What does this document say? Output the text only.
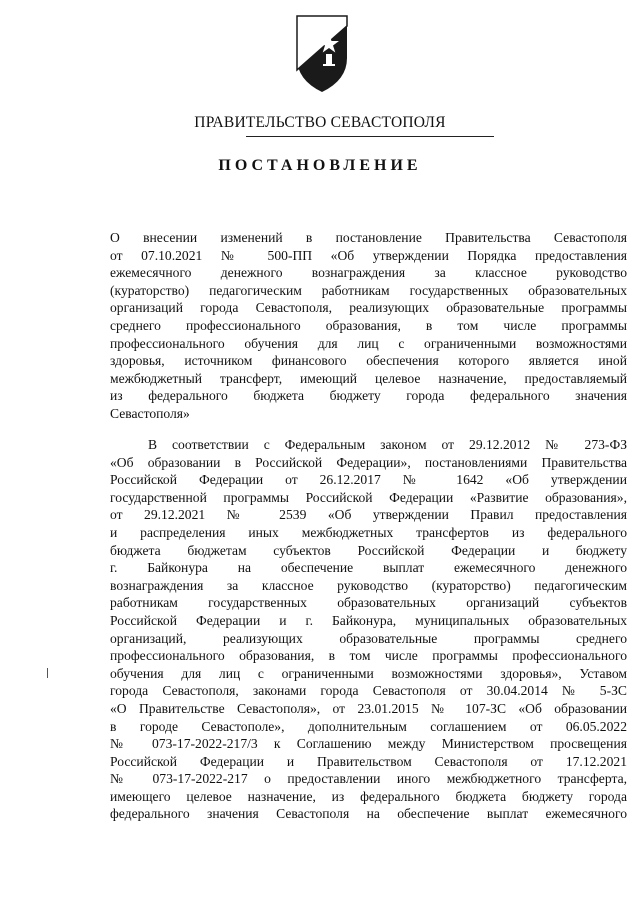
ПРАВИТЕЛЬСТВО СЕВАСТОПОЛЯ
ПОСТАНОВЛЕНИЕ
О внесении изменений в постановление Правительства Севастополя
от 07.10.2021 № 500-ПП «Об утверждении Порядка предоставления
ежемесячного денежного вознаграждения за классное руководство
(кураторство) педагогическим работникам государственных образовательных
организаций города Севастополя, реализующих образовательные программы
среднего профессионального образования, в том числе программы
профессионального обучения для лиц с ограниченными возможностями
здоровья, источником финансового обеспечения которого является иной
межбюджетный трансферт, имеющий целевое назначение, предоставляемый
из федерального бюджета бюджету города федерального значения
Севастополя»
В соответствии с Федеральным законом от 29.12.2012 № 273-ФЗ
«Об образовании в Российской Федерации», постановлениями Правительства
Российской Федерации от 26.12.2017 № 1642 «Об утверждении
государственной программы Российской Федерации «Развитие образования»,
от 29.12.2021 № 2539 «Об утверждении Правил предоставления
и распределения иных межбюджетных трансфертов из федерального
бюджета бюджетам субъектов Российской Федерации и бюджету
г. Байконура на обеспечение выплат ежемесячного денежного
вознаграждения за классное руководство (кураторство) педагогическим
работникам государственных образовательных организаций субъектов
Российской Федерации и г. Байконура, муниципальных образовательных
организаций, реализующих образовательные программы среднего
профессионального образования, в том числе программы профессионального
обучения для лиц с ограниченными возможностями здоровья», Уставом
города Севастополя, законами города Севастополя от 30.04.2014 № 5-ЗС
«О Правительстве Севастополя», от 23.01.2015 № 107-ЗС «Об образовании
в городе Севастополе», дополнительным соглашением от 06.05.2022
№ 073-17-2022-217/3 к Соглашению между Министерством просвещения
Российской Федерации и Правительством Севастополя от 17.12.2021
№ 073-17-2022-217 о предоставлении иного межбюджетного трансферта,
имеющего целевое назначение, из федерального бюджета бюджету города
федерального значения Севастополя на обеспечение выплат ежемесячного
